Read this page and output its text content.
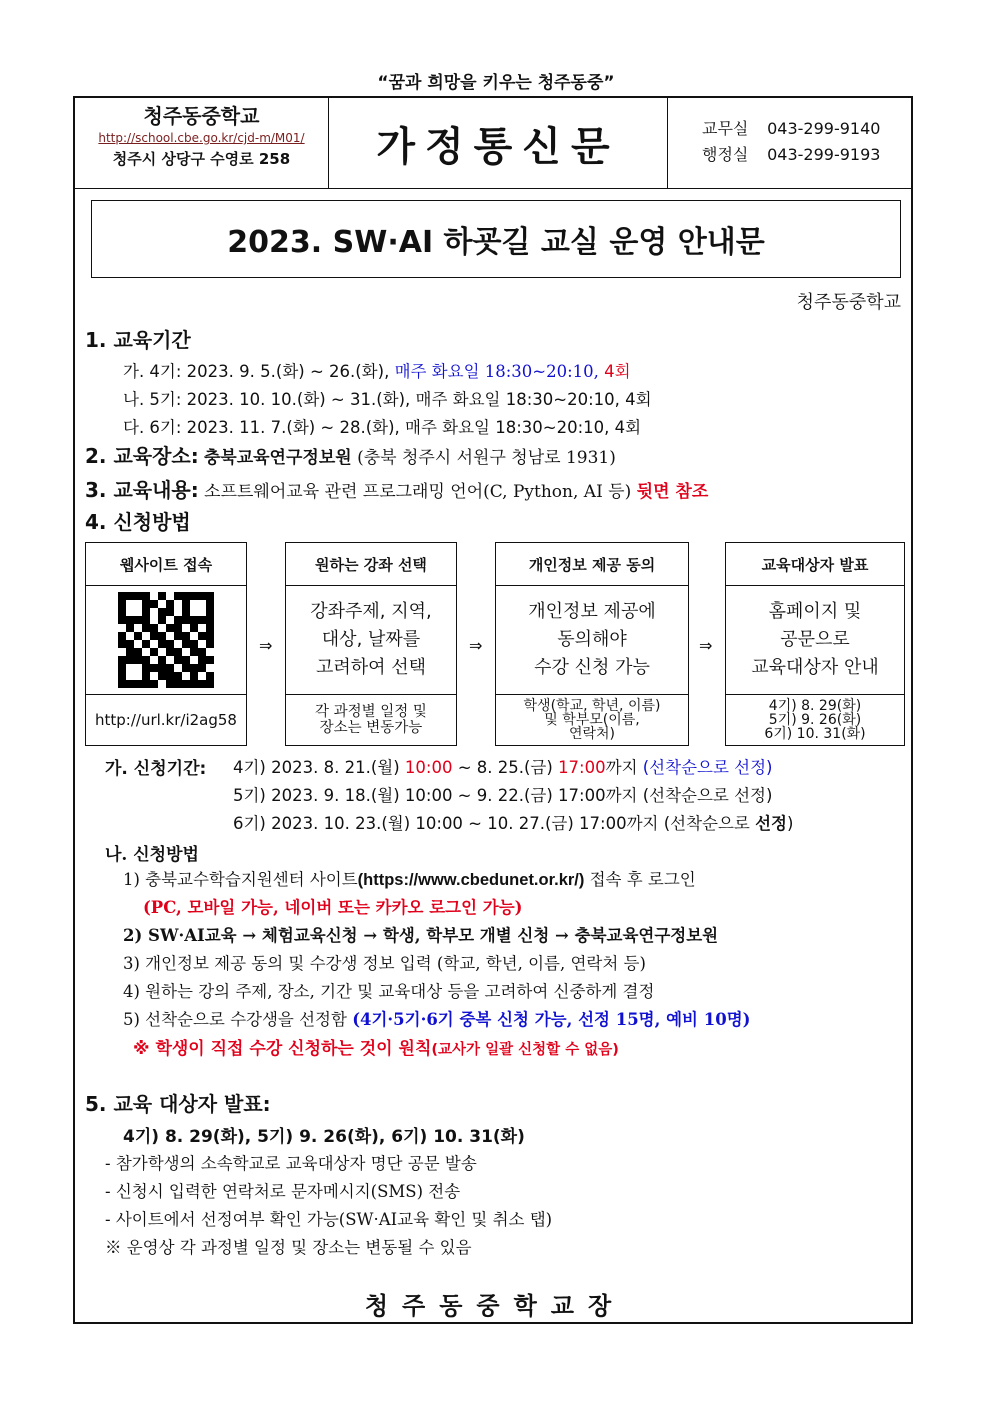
“꿈과 희망을 키우는 청주동중”
청주동중학교
http://school.cbe.go.kr/cjd-m/M01/
청주시 상당구 수영로 258	가정통신문	교무실 043-299-9140
행정실 043-299-9193
2023. SW·AI 하굣길 교실 운영 안내문
청주동중학교
1. 교육기간
가. 4기: 2023. 9. 5.(화) ~ 26.(화), 매주 화요일 18:30~20:10, 4회
나. 5기: 2023. 10. 10.(화) ~ 31.(화), 매주 화요일 18:30~20:10, 4회
다. 6기: 2023. 11. 7.(화) ~ 28.(화), 매주 화요일 18:30~20:10, 4회
2. 교육장소: 충북교육연구정보원 (충북 청주시 서원구 청남로 1931)
3. 교육내용: 소프트웨어교육 관련 프로그래밍 언어(C, Python, AI 등) 뒷면 참조
4. 신청방법
웹사이트 접속
http://url.kr/i2ag58
⇒
원하는 강좌 선택
강좌주제, 지역,
대상, 날짜를
고려하여 선택
각 과정별 일정 및
장소는 변동가능
⇒
개인정보 제공 동의
개인정보 제공에
동의해야
수강 신청 가능
학생(학교, 학년, 이름)
및 학부모(이름,
연락처)
⇒
교육대상자 발표
홈페이지 및
공문으로
교육대상자 안내
4기) 8. 29(화)
5기) 9. 26(화)
6기) 10. 31(화)
가. 신청기간: 4기) 2023. 8. 21.(월) 10:00 ~ 8. 25.(금) 17:00까지 (선착순으로 선정)
5기) 2023. 9. 18.(월) 10:00 ~ 9. 22.(금) 17:00까지 (선착순으로 선정)
6기) 2023. 10. 23.(월) 10:00 ~ 10. 27.(금) 17:00까지 (선착순으로 선정)
나. 신청방법
1) 충북교수학습지원센터 사이트(https://www.cbedunet.or.kr/) 접속 후 로그인
(PC, 모바일 가능, 네이버 또는 카카오 로그인 가능)
2) SW·AI교육 → 체험교육신청 → 학생, 학부모 개별 신청 → 충북교육연구정보원
3) 개인정보 제공 동의 및 수강생 정보 입력 (학교, 학년, 이름, 연락처 등)
4) 원하는 강의 주제, 장소, 기간 및 교육대상 등을 고려하여 신중하게 결정
5) 선착순으로 수강생을 선정함 (4기·5기·6기 중복 신청 가능, 선정 15명, 예비 10명)
※ 학생이 직접 수강 신청하는 것이 원칙(교사가 일괄 신청할 수 없음)
5. 교육 대상자 발표:
4기) 8. 29(화), 5기) 9. 26(화), 6기) 10. 31(화)
- 참가학생의 소속학교로 교육대상자 명단 공문 발송
- 신청시 입력한 연락처로 문자메시지(SMS) 전송
- 사이트에서 선정여부 확인 가능(SW·AI교육 확인 및 취소 탭)
※ 운영상 각 과정별 일정 및 장소는 변동될 수 있음
청주동중학교장
